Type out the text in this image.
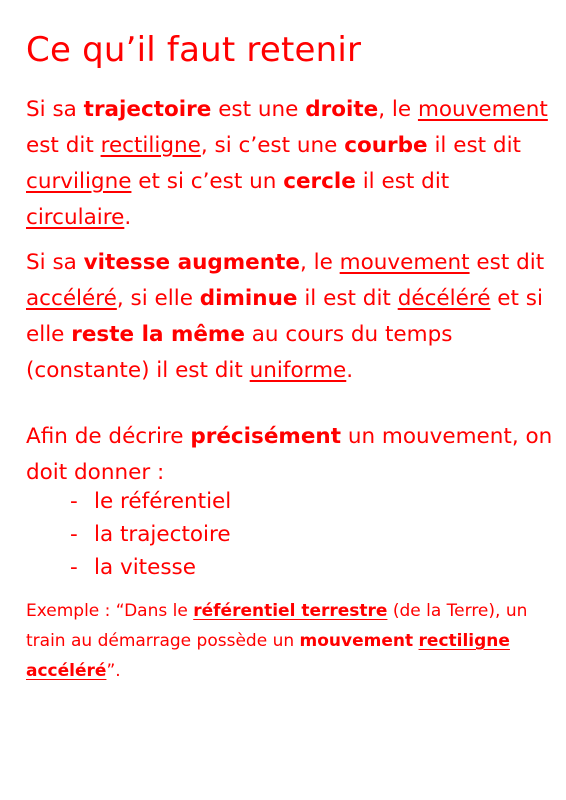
Ce qu’il faut retenir

Si sa trajectoire est une droite, le mouvement est dit rectiligne, si c’est une courbe il est dit curviligne et si c’est un cercle il est dit circulaire.

Si sa vitesse augmente, le mouvement est dit accéléré, si elle diminue il est dit décéléré et si elle reste la même au cours du temps (constante) il est dit uniforme.

Afin de décrire précisément un mouvement, on doit donner :

- le référentiel
- la trajectoire
- la vitesse

Exemple : “Dans le référentiel terrestre (de la Terre), un train au démarrage possède un mouvement rectiligne accéléré”.
